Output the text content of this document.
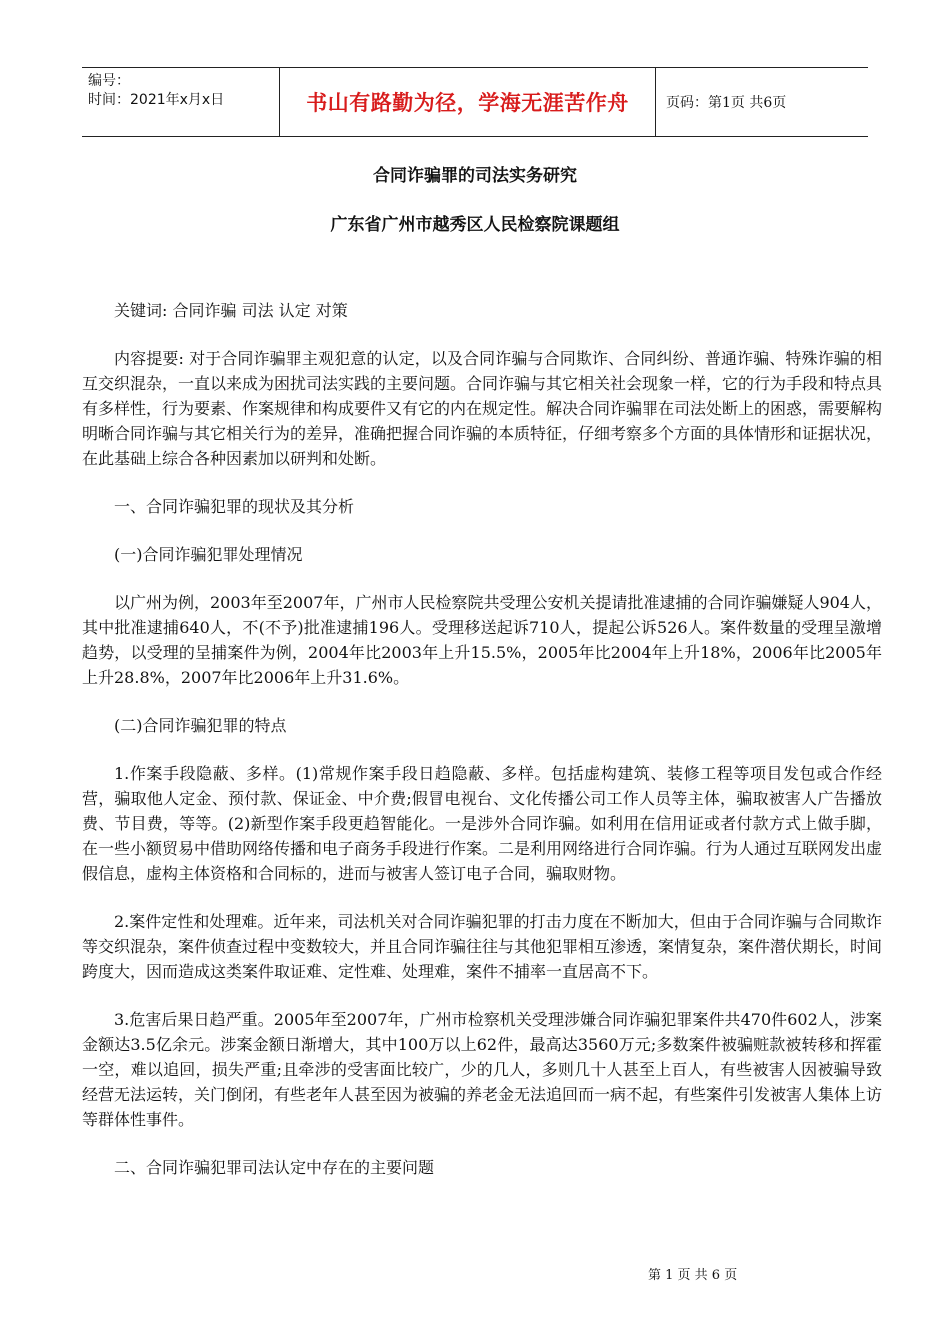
编号：
时间：2021年x月x日	书山有路勤为径，学海无涯苦作舟	页码：第1页 共6页
合同诈骗罪的司法实务研究
广东省广州市越秀区人民检察院课题组

关键词: 合同诈骗 司法 认定 对策

内容提要: 对于合同诈骗罪主观犯意的认定，以及合同诈骗与合同欺诈、合同纠纷、普通诈骗、特殊诈骗的相互交织混杂，一直以来成为困扰司法实践的主要问题。合同诈骗与其它相关社会现象一样，它的行为手段和特点具有多样性，行为要素、作案规律和构成要件又有它的内在规定性。解决合同诈骗罪在司法处断上的困惑，需要解构明晰合同诈骗与其它相关行为的差异，准确把握合同诈骗的本质特征，仔细考察多个方面的具体情形和证据状况，在此基础上综合各种因素加以研判和处断。

一、合同诈骗犯罪的现状及其分析

(一)合同诈骗犯罪处理情况

以广州为例，2003年至2007年，广州市人民检察院共受理公安机关提请批准逮捕的合同诈骗嫌疑人904人，其中批准逮捕640人，不(不予)批准逮捕196人。受理移送起诉710人，提起公诉526人。案件数量的受理呈激增趋势，以受理的呈捕案件为例，2004年比2003年上升15.5%，2005年比2004年上升18%，2006年比2005年上升28.8%，2007年比2006年上升31.6%。

(二)合同诈骗犯罪的特点

1.作案手段隐蔽、多样。(1)常规作案手段日趋隐蔽、多样。包括虚构建筑、装修工程等项目发包或合作经营，骗取他人定金、预付款、保证金、中介费;假冒电视台、文化传播公司工作人员等主体，骗取被害人广告播放费、节目费，等等。(2)新型作案手段更趋智能化。一是涉外合同诈骗。如利用在信用证或者付款方式上做手脚，在一些小额贸易中借助网络传播和电子商务手段进行作案。二是利用网络进行合同诈骗。行为人通过互联网发出虚假信息，虚构主体资格和合同标的，进而与被害人签订电子合同，骗取财物。

2.案件定性和处理难。近年来，司法机关对合同诈骗犯罪的打击力度在不断加大，但由于合同诈骗与合同欺诈等交织混杂，案件侦查过程中变数较大，并且合同诈骗往往与其他犯罪相互渗透，案情复杂，案件潜伏期长，时间跨度大，因而造成这类案件取证难、定性难、处理难，案件不捕率一直居高不下。

3.危害后果日趋严重。2005年至2007年，广州市检察机关受理涉嫌合同诈骗犯罪案件共470件602人，涉案金额达3.5亿余元。涉案金额日渐增大，其中100万以上62件，最高达3560万元;多数案件被骗赃款被转移和挥霍一空，难以追回，损失严重;且牵涉的受害面比较广，少的几人，多则几十人甚至上百人，有些被害人因被骗导致经营无法运转，关门倒闭，有些老年人甚至因为被骗的养老金无法追回而一病不起，有些案件引发被害人集体上访等群体性事件。

二、合同诈骗犯罪司法认定中存在的主要问题

第 1 页 共 6 页
